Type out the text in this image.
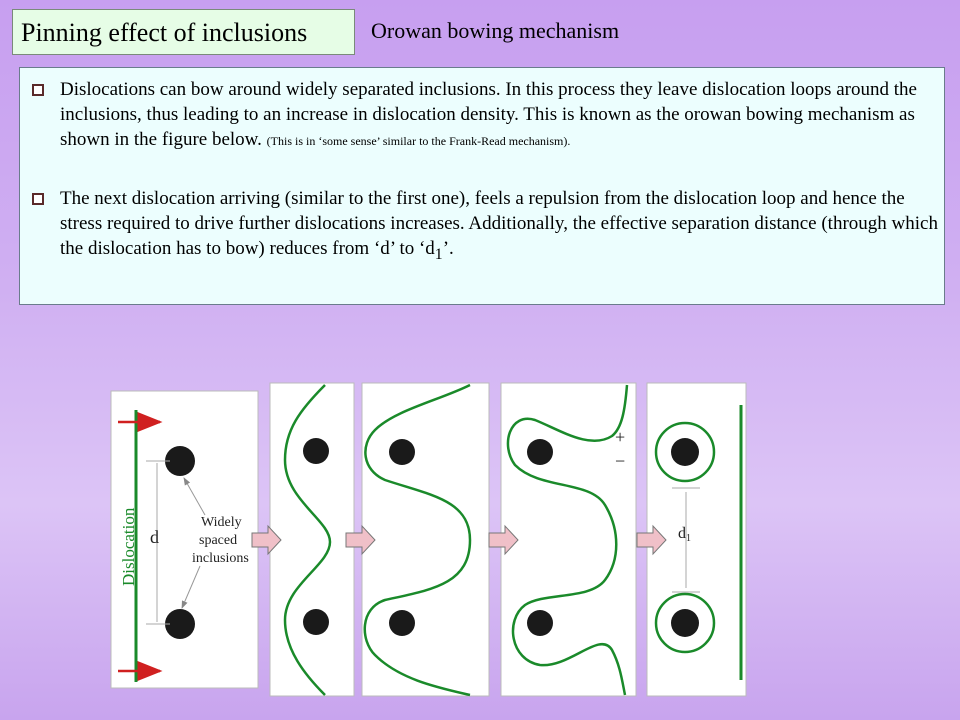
Pinning effect of inclusions	Orowan bowing mechanism
Dislocations can bow around widely separated inclusions. In this process they leave dislocation loops around the inclusions, thus leading to an increase in dislocation density. This is known as the orowan bowing mechanism as shown in the figure below. (This is in ‘some sense’ similar to the Frank-Read mechanism).
The next dislocation arriving (similar to the first one), feels a repulsion from the dislocation loop and hence the stress required to drive further dislocations increases. Additionally, the effective separation distance (through which the dislocation has to bow) reduces from ‘d’ to ‘$d_1$’.
Dislocation d
Widely
spaced
inclusions
+
−
d1
